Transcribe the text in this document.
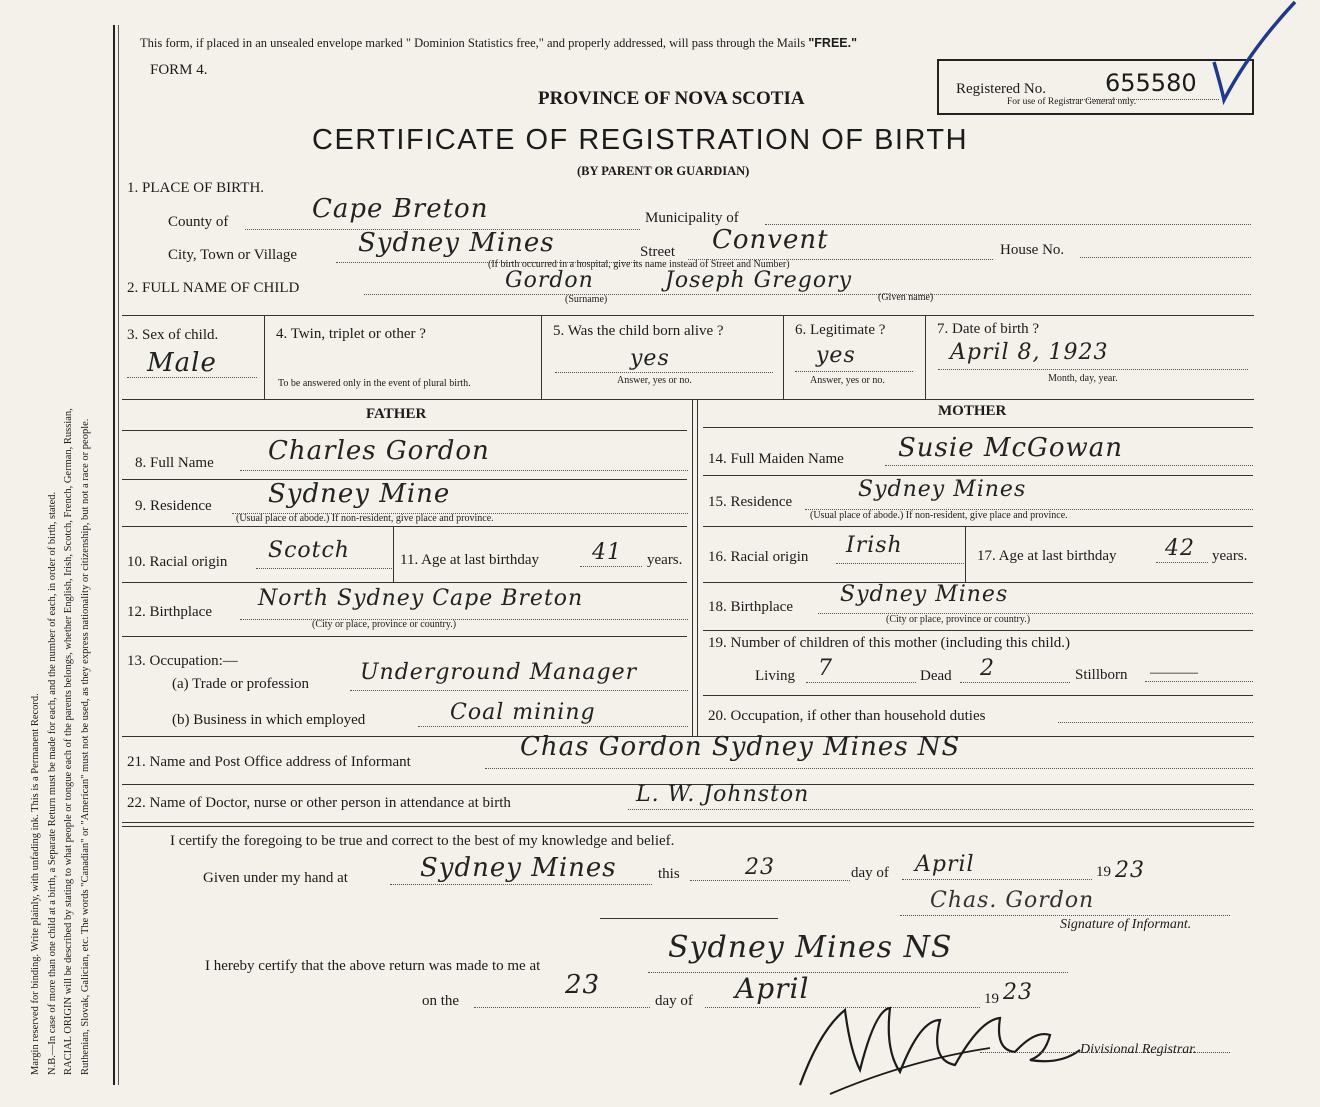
Margin reserved for binding. Write plainly, with unfading ink. This is a Permanent Record. N.B.—In case of more than one child at a birth, a Separate Return must be made for each, and the number of each, in order of birth, stated. RACIAL ORIGIN will be described by stating to what people or tongue each of the parents belongs, whether English, Irish, Scotch, French, German, Russian, Ruthenian, Slovak, Galician, etc. The words "Canadian" or "American" must not be used, as they express nationality or citizenship, but not a race or people.
This form, if placed in an unsealed envelope marked " Dominion Statistics free," and properly addressed, will pass through the Mails "FREE."
FORM 4.
PROVINCE OF NOVA SCOTIA
CERTIFICATE OF REGISTRATION OF BIRTH
(BY PARENT OR GUARDIAN)
Registered No. 655580
For use of Registrar General only.
1. PLACE OF BIRTH.
County of	Cape Breton	Municipality of
City, Town or Village Sydney Mines	Street Convent	House No.
(If birth occurred in a hospital, give its name instead of Street and Number)
2. FULL NAME OF CHILD	Gordon	Joseph Gregory
(Surname)	(Given name)
3. Sex of child.
Male
4. Twin, triplet or other ?
To be answered only in the event of plural birth.
5. Was the child born alive ?
yes
Answer, yes or no.
6. Legitimate ?
yes
Answer, yes or no.
7. Date of birth ?
April 8, 1923
Month, day, year.
FATHER
8. Full Name Charles Gordon
9. Residence Sydney Mine
(Usual place of abode.) If non-resident, give place and province.
10. Racial origin Scotch	11. Age at last birthday 41 years.
12. Birthplace
North Sydney Cape Breton
(City or place, province or country.)
13. Occupation:—
(a) Trade or profession Underground Manager
(b) Business in which employed	Coal mining
MOTHER
14. Full Maiden Name Susie McGowan
15. Residence	Sydney Mines
(Usual place of abode.) If non-resident, give place and province.
16. Racial origin Irish	17. Age at last birthday 42 years.
18. Birthplace Sydney Mines
(City or place, province or country.)
19. Number of children of this mother (including this child.)
Living 7	Dead 2	Stillborn ———
20. Occupation, if other than household duties
21. Name and Post Office address of Informant	Chas Gordon Sydney Mines NS
22. Name of Doctor, nurse or other person in attendance at birth	L. W. Johnston
I certify the foregoing to be true and correct to the best of my knowledge and belief.
Given under my hand at	Sydney Mines	this	23	day of April	19 23
Chas. Gordon
Signature of Informant.
I hereby certify that the above return was made to me at
Sydney Mines NS
on the
23
day of April	19 23
Divisional Registrar.
